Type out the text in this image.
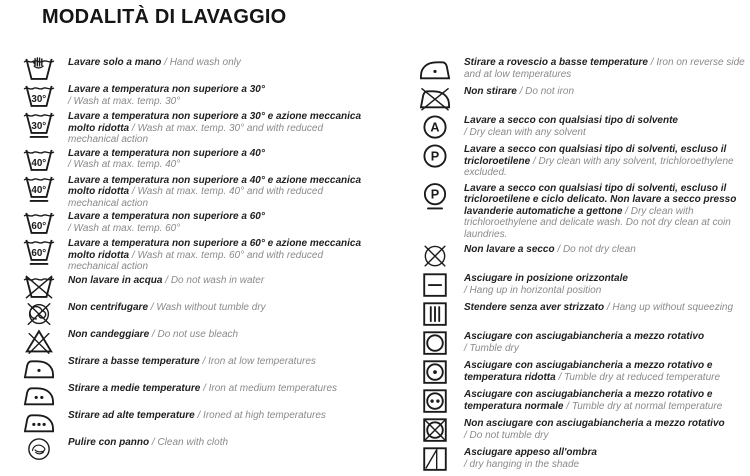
MODALITÀ DI LAVAGGIO

Lavare solo a mano / Hand wash only

30°

Lavare a temperatura non superiore a 30°
/ Wash at max. temp. 30°

30°

Lavare a temperatura non superiore a 30° e azione meccanica molto ridotta / Wash at max. temp. 30° and with reduced mechanical action

40°

Lavare a temperatura non superiore a 40°
/ Wash at max. temp. 40°

40°

Lavare a temperatura non superiore a 40° e azione meccanica molto ridotta / Wash at max. temp. 40° and with reduced mechanical action

60°

Lavare a temperatura non superiore a 60°
/ Wash at max. temp. 60°

60°

Lavare a temperatura non superiore a 60° e azione meccanica molto ridotta / Wash at max. temp. 60° and with reduced mechanical action

Non lavare in acqua / Do not wash in water

Non centrifugare / Wash without tumble dry

Non candeggiare / Do not use bleach

Stirare a basse temperature / Iron at low temperatures

Stirare a medie temperature / Iron at medium temperatures

Stirare ad alte temperature / Ironed at high temperatures

Pulire con panno / Clean with cloth

Stirare a rovescio a basse temperature / Iron on reverse side and at low temperatures

Non stirare / Do not iron

A

Lavare a secco con qualsiasi tipo di solvente
/ Dry clean with any solvent

P

Lavare a secco con qualsiasi tipo di solventi, escluso il tricloroetilene / Dry clean with any solvent, trichloroethylene excluded.

P Lavare a secco con qualsiasi tipo di solventi, escluso il tricloroetilene e ciclo delicato. Non lavare a secco presso lavanderie automatiche a gettone / Dry clean with trichloroethylene and delicate wash. Do not dry clean at coin laundries.

Non lavare a secco / Do not dry clean

Asciugare in posizione orizzontale
/ Hang up in horizontal position

Stendere senza aver strizzato / Hang up without squeezing

Asciugare con asciugabiancheria a mezzo rotativo
/ Tumble dry

Asciugare con asciugabiancheria a mezzo rotativo e temperatura ridotta / Tumble dry at reduced temperature

Asciugare con asciugabiancheria a mezzo rotativo e temperatura normale / Tumble dry at normal temperature

Non asciugare con asciugabiancheria a mezzo rotativo
/ Do not tumble dry

Asciugare appeso all'ombra
/ dry hanging in the shade
